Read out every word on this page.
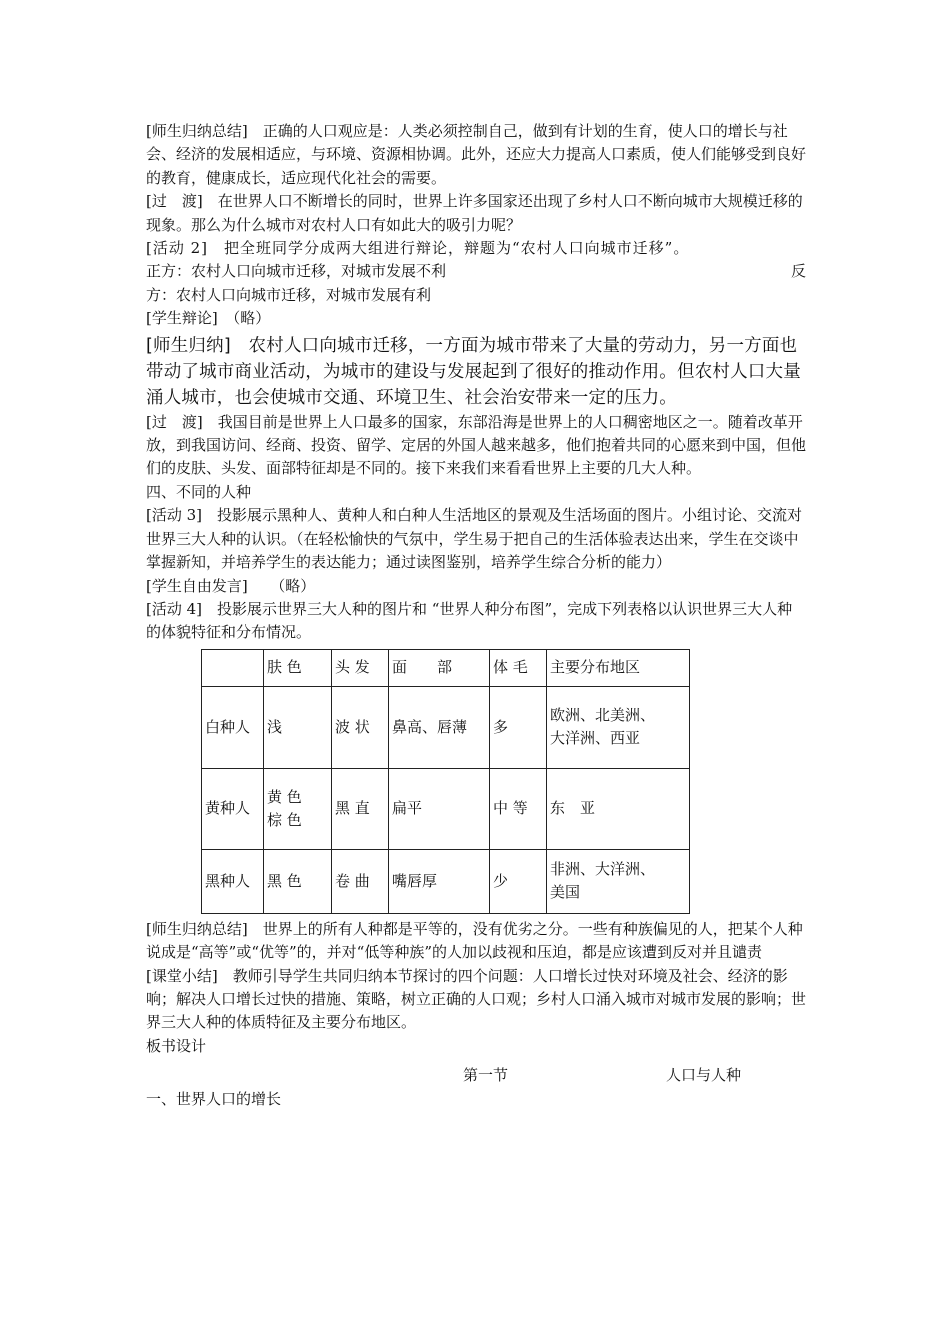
[师生归纳总结]　正确的人口观应是：人类必须控制自己，做到有计划的生育，使人口的增长与社会、经济的发展相适应，与环境、资源相协调。此外，还应大力提高人口素质，使人们能够受到良好的教育，健康成长，适应现代化社会的需要。

[过　渡]　在世界人口不断增长的同时，世界上许多国家还出现了乡村人口不断向城市大规模迁移的现象。那么为什么城市对农村人口有如此大的吸引力呢？

[活动 2]　把全班同学分成两大组进行辩论，辩题为“农村人口向城市迁移”。

正方：农村人口向城市迁移，对城市发展不利	反

方：农村人口向城市迁移，对城市发展有利

[学生辩论]　（略）

[师生归纳]　农村人口向城市迁移，一方面为城市带来了大量的劳动力，另一方面也带动了城市商业活动，为城市的建设与发展起到了很好的推动作用。但农村人口大量涌人城市，也会使城市交通、环境卫生、社会治安带来一定的压力。

[过　渡]　我国目前是世界上人口最多的国家，东部沿海是世界上的人口稠密地区之一。随着改革开放，到我国访问、经商、投资、留学、定居的外国人越来越多，他们抱着共同的心愿来到中国，但他们的皮肤、头发、面部特征却是不同的。接下来我们来看看世界上主要的几大人种。

四、不同的人种

[活动 3]　投影展示黑种人、黄种人和白种人生活地区的景观及生活场面的图片。小组讨论、交流对世界三大人种的认识。（在轻松愉快的气氛中，学生易于把自己的生活体验表达出来，学生在交谈中掌握新知，并培养学生的表达能力；通过读图鉴别，培养学生综合分析的能力）

[学生自由发言]　　（略）

[活动 4]　投影展示世界三大人种的图片和 “世界人种分布图”，完成下列表格以认识世界三大人种的体貌特征和分布情况。

	肤 色	头 发	面　　部	体 毛	主要分布地区
白种人	浅	波 状	鼻高、唇薄	多	欧洲、北美洲、
大洋洲、西亚
黄种人	黄 色
棕 色	黑 直	扁平	中 等	东　亚
黑种人	黑 色	卷 曲	嘴唇厚	少	非洲、大洋洲、
美国

[师生归纳总结]　世界上的所有人种都是平等的，没有优劣之分。一些有种族偏见的人，把某个人种说成是“高等”或“优等”的，并对“低等种族”的人加以歧视和压迫，都是应该遭到反对并且谴责

[课堂小结]　教师引导学生共同归纳本节探讨的四个问题：人口增长过快对环境及社会、经济的影响；解决人口增长过快的措施、策略，树立正确的人口观；乡村人口涌入城市对城市发展的影响；世界三大人种的体质特征及主要分布地区。

板书设计

第一节	人口与人种

一、世界人口的增长
